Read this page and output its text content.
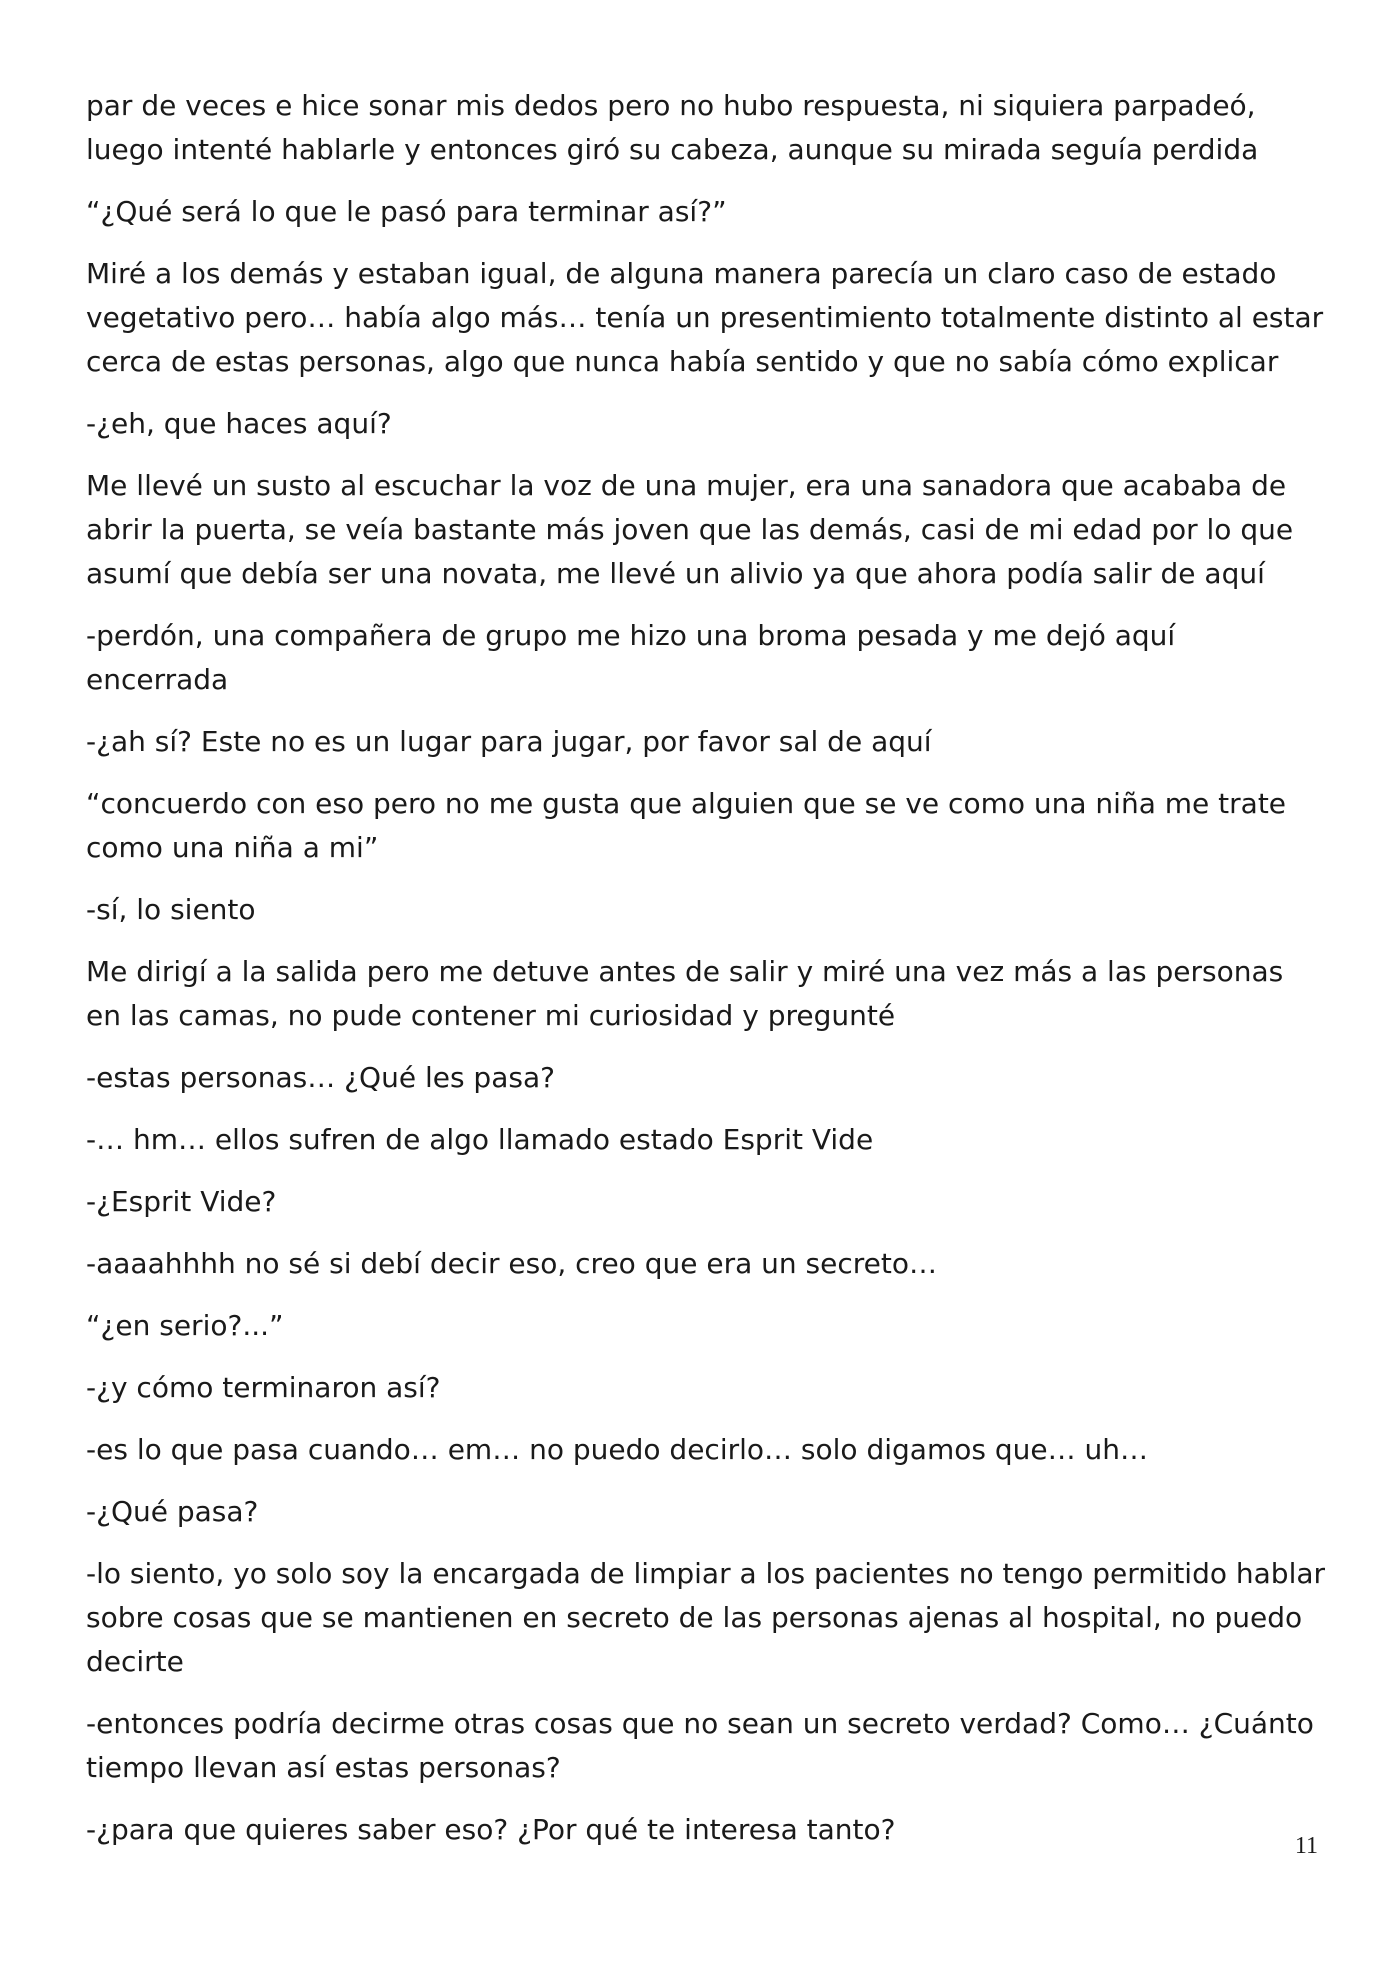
par de veces e hice sonar mis dedos pero no hubo respuesta, ni siquiera parpadeó, luego intenté hablarle y entonces giró su cabeza, aunque su mirada seguía perdida

“¿Qué será lo que le pasó para terminar así?”

Miré a los demás y estaban igual, de alguna manera parecía un claro caso de estado vegetativo pero… había algo más… tenía un presentimiento totalmente distinto al estar cerca de estas personas, algo que nunca había sentido y que no sabía cómo explicar

-¿eh, que haces aquí?

Me llevé un susto al escuchar la voz de una mujer, era una sanadora que acababa de abrir la puerta, se veía bastante más joven que las demás, casi de mi edad por lo que asumí que debía ser una novata, me llevé un alivio ya que ahora podía salir de aquí

-perdón, una compañera de grupo me hizo una broma pesada y me dejó aquí encerrada

-¿ah sí? Este no es un lugar para jugar, por favor sal de aquí

“concuerdo con eso pero no me gusta que alguien que se ve como una niña me trate como una niña a mi”

-sí, lo siento

Me dirigí a la salida pero me detuve antes de salir y miré una vez más a las personas en las camas, no pude contener mi curiosidad y pregunté

-estas personas… ¿Qué les pasa?

-… hm… ellos sufren de algo llamado estado Esprit Vide

-¿Esprit Vide?

-aaaahhhh no sé si debí decir eso, creo que era un secreto…

“¿en serio?...”

-¿y cómo terminaron así?

-es lo que pasa cuando… em… no puedo decirlo… solo digamos que… uh…

-¿Qué pasa?

-lo siento, yo solo soy la encargada de limpiar a los pacientes no tengo permitido hablar sobre cosas que se mantienen en secreto de las personas ajenas al hospital, no puedo decirte

-entonces podría decirme otras cosas que no sean un secreto verdad? Como… ¿Cuánto tiempo llevan así estas personas?

-¿para que quieres saber eso? ¿Por qué te interesa tanto?	11
